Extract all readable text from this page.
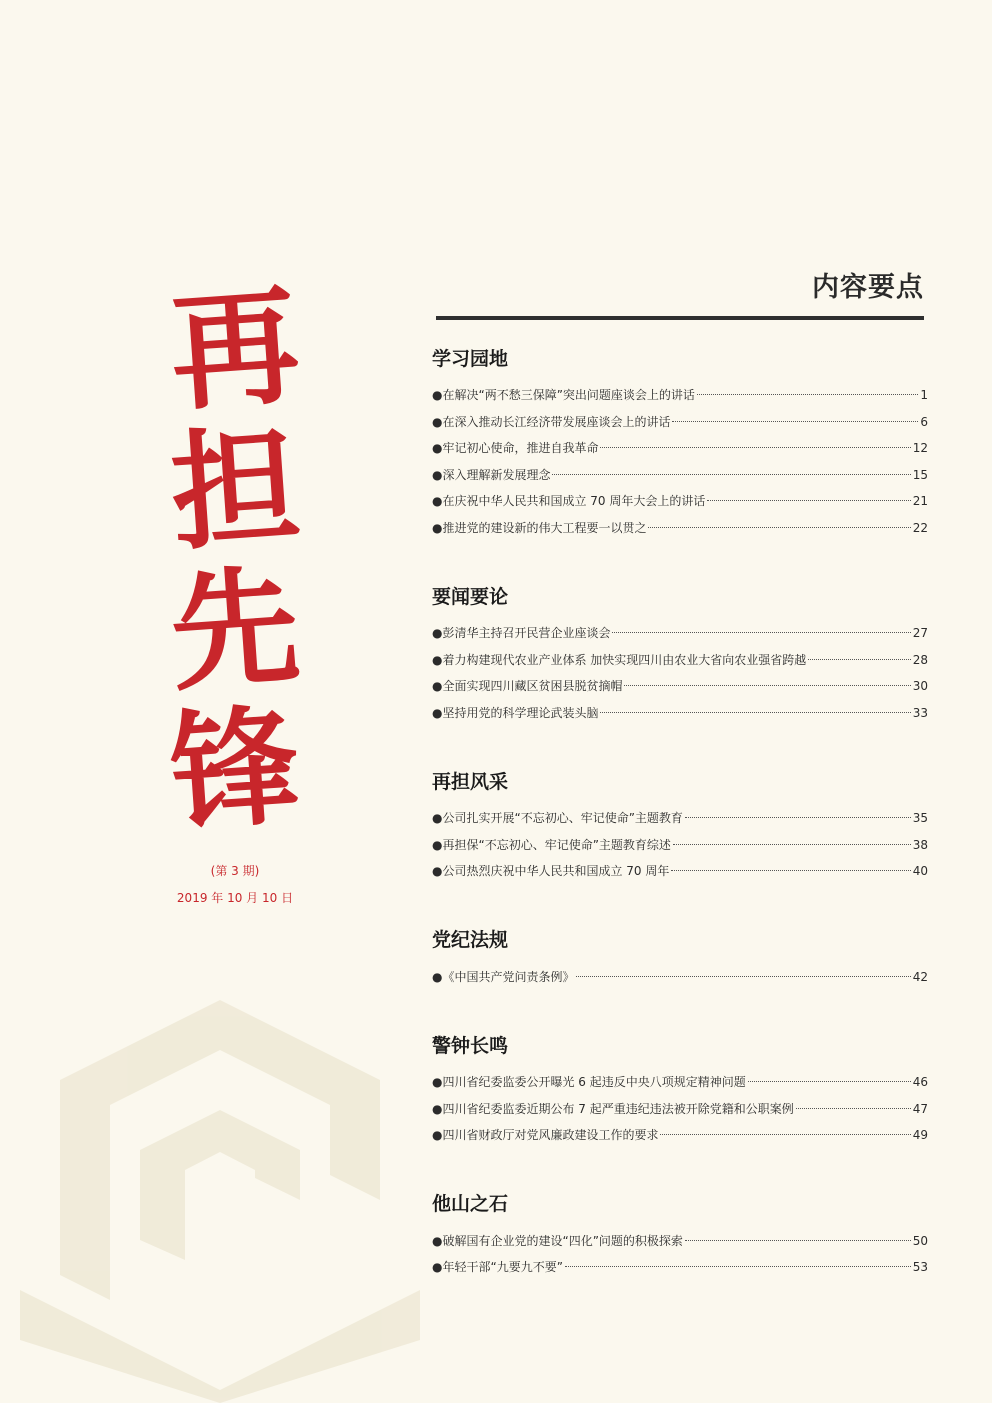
再
担
先
锋
(第 3 期)
2019 年 10 月 10 日
内容要点
学习园地
●在解决“两不愁三保障”突出问题座谈会上的讲话	1
●在深入推动长江经济带发展座谈会上的讲话	6
●牢记初心使命，推进自我革命	12
●深入理解新发展理念	15
●在庆祝中华人民共和国成立 70 周年大会上的讲话	21
●推进党的建设新的伟大工程要一以贯之	22
要闻要论
●彭清华主持召开民营企业座谈会	27
●着力构建现代农业产业体系 加快实现四川由农业大省向农业强省跨越	28
●全面实现四川藏区贫困县脱贫摘帽	30
●坚持用党的科学理论武装头脑	33
再担风采
●公司扎实开展“不忘初心、牢记使命”主题教育	35
●再担保“不忘初心、牢记使命”主题教育综述	38
●公司热烈庆祝中华人民共和国成立 70 周年	40
党纪法规
●《中国共产党问责条例》	42
警钟长鸣
●四川省纪委监委公开曝光 6 起违反中央八项规定精神问题	46
●四川省纪委监委近期公布 7 起严重违纪违法被开除党籍和公职案例	47
●四川省财政厅对党风廉政建设工作的要求	49
他山之石
●破解国有企业党的建设“四化”问题的积极探索	50
●年轻干部“九要九不要”	53
